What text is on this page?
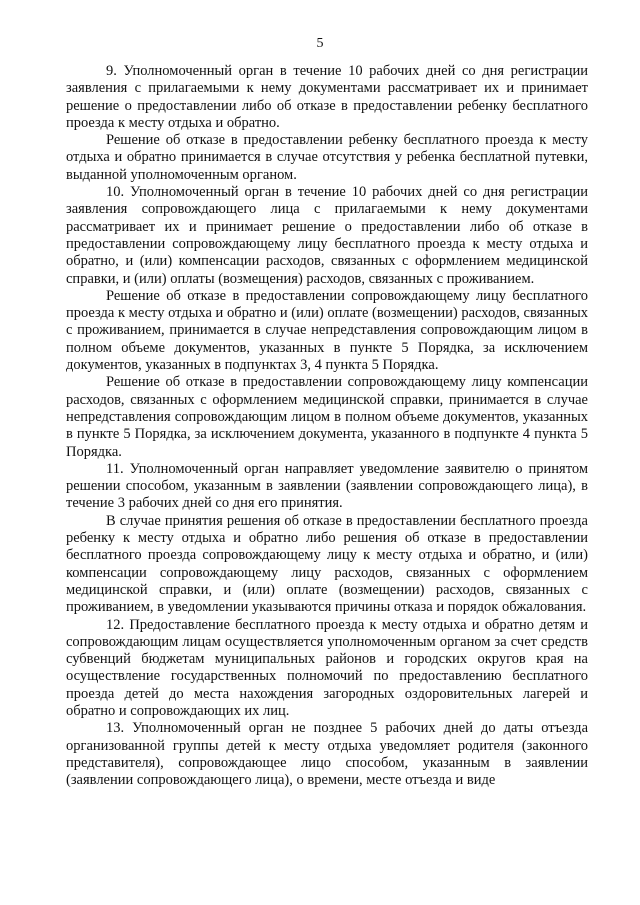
5

9. Уполномоченный орган в течение 10 рабочих дней со дня регистрации заявления с прилагаемыми к нему документами рассматривает их и принимает решение о предоставлении либо об отказе в предоставлении ребенку бесплатного проезда к месту отдыха и обратно.

Решение об отказе в предоставлении ребенку бесплатного проезда к месту отдыха и обратно принимается в случае отсутствия у ребенка бесплатной путевки, выданной уполномоченным органом.

10. Уполномоченный орган в течение 10 рабочих дней со дня регистрации заявления сопровождающего лица с прилагаемыми к нему документами рассматривает их и принимает решение о предоставлении либо об отказе в предоставлении сопровождающему лицу бесплатного проезда к месту отдыха и обратно, и (или) компенсации расходов, связанных с оформлением медицинской справки, и (или) оплаты (возмещения) расходов, связанных с проживанием.

Решение об отказе в предоставлении сопровождающему лицу бесплатного проезда к месту отдыха и обратно и (или) оплате (возмещении) расходов, связанных с проживанием, принимается в случае непредставления сопровождающим лицом в полном объеме документов, указанных в пункте 5 Порядка, за исключением документов, указанных в подпунктах 3, 4 пункта 5 Порядка.

Решение об отказе в предоставлении сопровождающему лицу компенсации расходов, связанных с оформлением медицинской справки, принимается в случае непредставления сопровождающим лицом в полном объеме документов, указанных в пункте 5 Порядка, за исключением документа, указанного в подпункте 4 пункта 5 Порядка.

11. Уполномоченный орган направляет уведомление заявителю о принятом решении способом, указанным в заявлении (заявлении сопровождающего лица), в течение 3 рабочих дней со дня его принятия.

В случае принятия решения об отказе в предоставлении бесплатного проезда ребенку к месту отдыха и обратно либо решения об отказе в предоставлении бесплатного проезда сопровождающему лицу к месту отдыха и обратно, и (или) компенсации сопровождающему лицу расходов, связанных с оформлением медицинской справки, и (или) оплате (возмещении) расходов, связанных с проживанием, в уведомлении указываются причины отказа и порядок обжалования.

12. Предоставление бесплатного проезда к месту отдыха и обратно детям и сопровождающим лицам осуществляется уполномоченным органом за счет средств субвенций бюджетам муниципальных районов и городских округов края на осуществление государственных полномочий по предоставлению бесплатного проезда детей до места нахождения загородных оздоровительных лагерей и обратно и сопровождающих их лиц.

13. Уполномоченный орган не позднее 5 рабочих дней до даты отъезда организованной группы детей к месту отдыха уведомляет родителя (законного представителя), сопровождающее лицо способом, указанным в заявлении (заявлении сопровождающего лица), о времени, месте отъезда и виде
